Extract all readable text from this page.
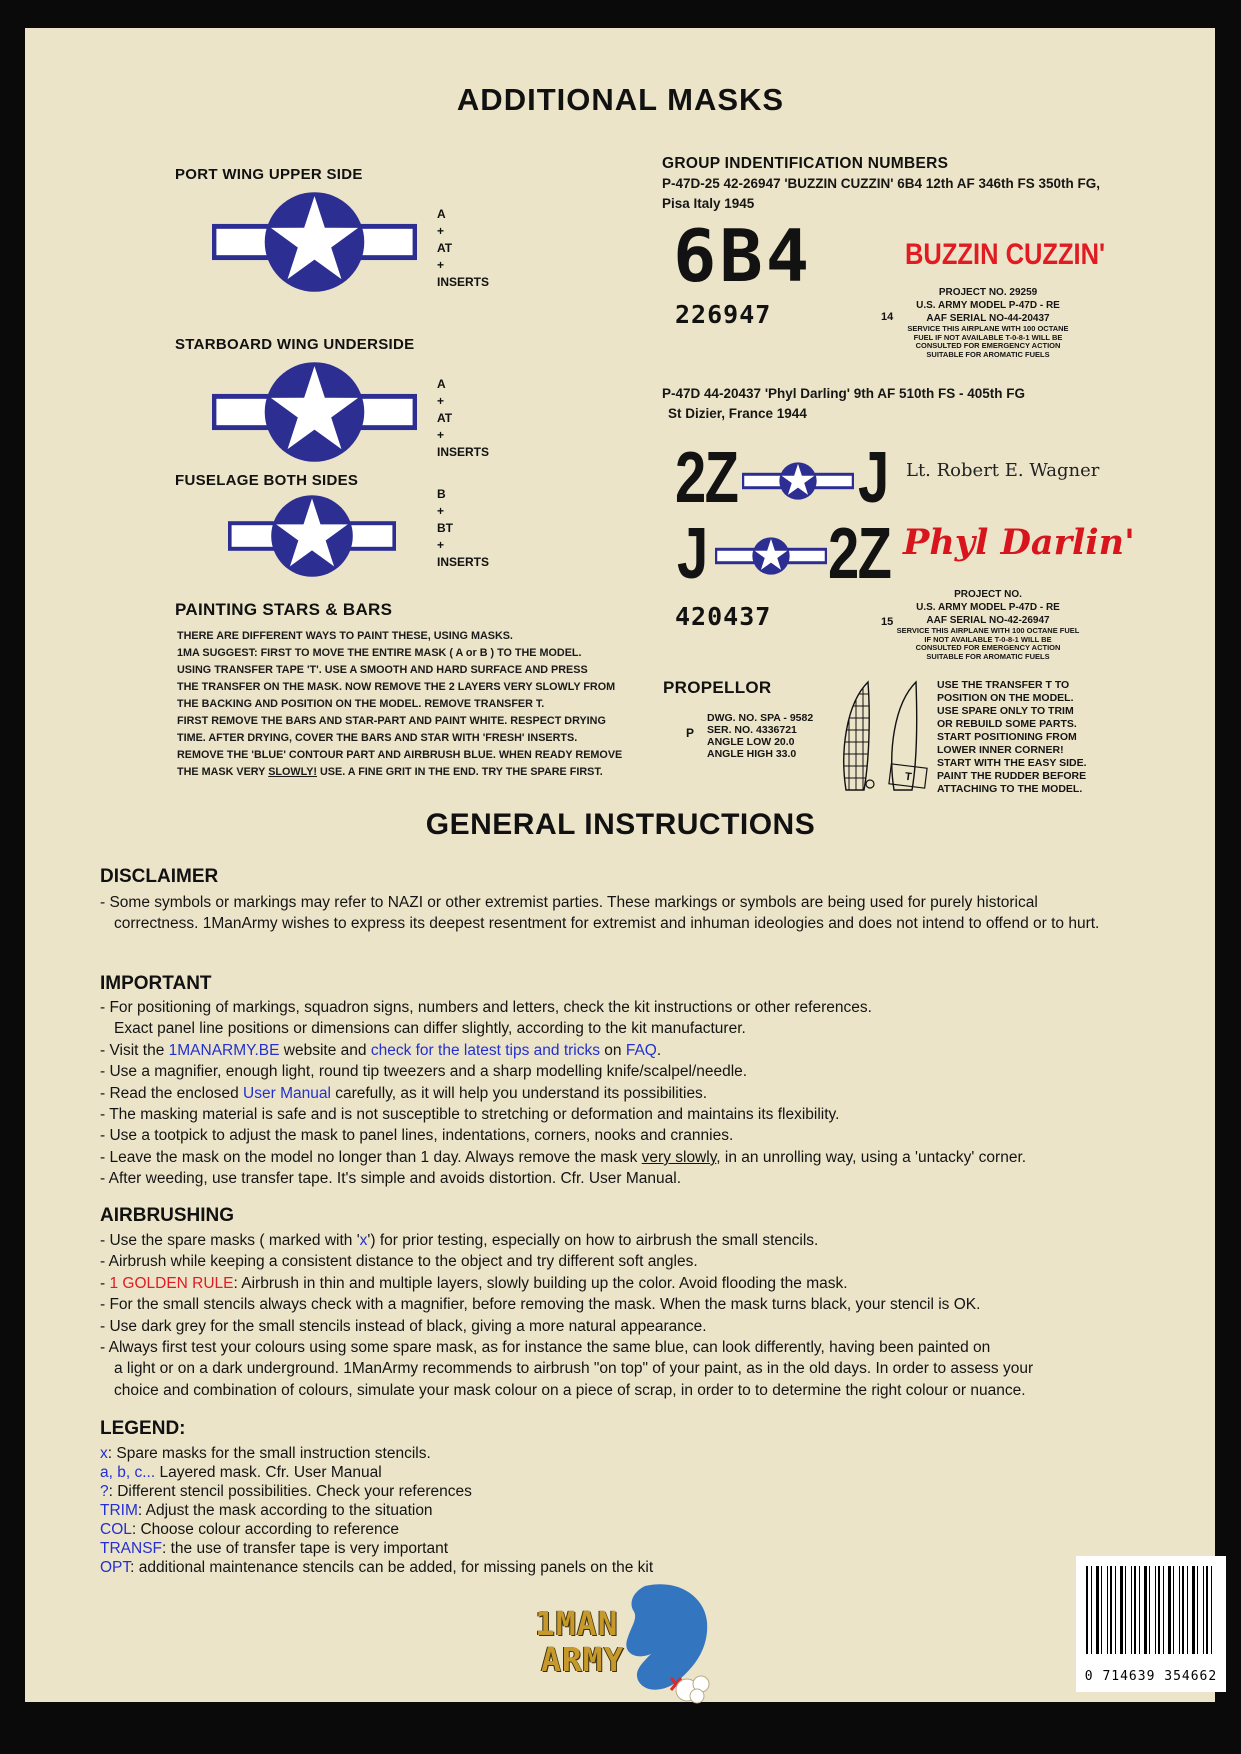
ADDITIONAL MASKS
PORT WING UPPER SIDE
A
+
AT
+
INSERTS
STARBOARD WING UNDERSIDE
A
+
AT
+
INSERTS
FUSELAGE BOTH SIDES
B
+
BT
+
INSERTS
PAINTING STARS & BARS
THERE ARE DIFFERENT WAYS TO PAINT THESE, USING MASKS.
1MA SUGGEST: FIRST TO MOVE THE ENTIRE MASK ( A or B ) TO THE MODEL.
USING TRANSFER TAPE 'T'. USE A SMOOTH AND HARD SURFACE AND PRESS
THE TRANSFER ON THE MASK. NOW REMOVE THE 2 LAYERS VERY SLOWLY FROM
THE BACKING AND POSITION ON THE MODEL. REMOVE TRANSFER T.
FIRST REMOVE THE BARS AND STAR-PART AND PAINT WHITE. RESPECT DRYING
TIME. AFTER DRYING, COVER THE BARS AND STAR WITH 'FRESH' INSERTS.
REMOVE THE 'BLUE' CONTOUR PART AND AIRBRUSH BLUE. WHEN READY REMOVE
THE MASK VERY SLOWLY! USE. A FINE GRIT IN THE END. TRY THE SPARE FIRST.
GROUP INDENTIFICATION NUMBERS
P-47D-25 42-26947 'BUZZIN CUZZIN' 6B4 12th AF 346th FS 350th FG,
Pisa Italy 1945
6B4
226947	14
BUZZIN CUZZIN'
PROJECT NO. 29259
U.S. ARMY MODEL P-47D - RE
AAF SERIAL NO-44-20437
SERVICE THIS AIRPLANE WITH 100 OCTANE
FUEL IF NOT AVAILABLE T-0-8-1 WILL BE
CONSULTED FOR EMERGENCY ACTION
SUITABLE FOR AROMATIC FUELS
P-47D 44-20437 'Phyl Darling' 9th AF 510th FS - 405th FG
St Dizier, France 1944
2Z J	Lt. Robert E. Wagner
J 2Z Phyl Darlin'
420437	15
PROJECT NO.
U.S. ARMY MODEL P-47D - RE
AAF SERIAL NO-42-26947
SERVICE THIS AIRPLANE WITH 100 OCTANE FUEL
IF NOT AVAILABLE T-0-8-1 WILL BE
CONSULTED FOR EMERGENCY ACTION
SUITABLE FOR AROMATIC FUELS
PROPELLOR
DWG. NO. SPA - 9582
SER. NO. 4336721
ANGLE LOW 20.0
ANGLE HIGH 33.0
P
T
USE THE TRANSFER T TO
POSITION ON THE MODEL.
USE SPARE ONLY TO TRIM
OR REBUILD SOME PARTS.
START POSITIONING FROM
LOWER INNER CORNER!
START WITH THE EASY SIDE.
PAINT THE RUDDER BEFORE
ATTACHING TO THE MODEL.
GENERAL INSTRUCTIONS
DISCLAIMER
- Some symbols or markings may refer to NAZI or other extremist parties. These markings or symbols are being used for purely historical correctness. 1ManArmy wishes to express its deepest resentment for extremist and inhuman ideologies and does not intend to offend or to hurt.
IMPORTANT
- For positioning of markings, squadron signs, numbers and letters, check the kit instructions or other references.
Exact panel line positions or dimensions can differ slightly, according to the kit manufacturer.
- Visit the 1MANARMY.BE website and check for the latest tips and tricks on FAQ.
- Use a magnifier, enough light, round tip tweezers and a sharp modelling knife/scalpel/needle.
- Read the enclosed User Manual carefully, as it will help you understand its possibilities.
- The masking material is safe and is not susceptible to stretching or deformation and maintains its flexibility.
- Use a tootpick to adjust the mask to panel lines, indentations, corners, nooks and crannies.
- Leave the mask on the model no longer than 1 day. Always remove the mask very slowly, in an unrolling way, using a 'untacky' corner.
- After weeding, use transfer tape. It's simple and avoids distortion. Cfr. User Manual.
AIRBRUSHING
- Use the spare masks ( marked with 'x') for prior testing, especially on how to airbrush the small stencils.
- Airbrush while keeping a consistent distance to the object and try different soft angles.
- 1 GOLDEN RULE: Airbrush in thin and multiple layers, slowly building up the color. Avoid flooding the mask.
- For the small stencils always check with a magnifier, before removing the mask. When the mask turns black, your stencil is OK.
- Use dark grey for the small stencils instead of black, giving a more natural appearance.
- Always first test your colours using some spare mask, as for instance the same blue, can look differently, having been painted on
a light or on a dark underground. 1ManArmy recommends to airbrush "on top" of your paint, as in the old days. In order to assess your
choice and combination of colours, simulate your mask colour on a piece of scrap, in order to to determine the right colour or nuance.
LEGEND:
x: Spare masks for the small instruction stencils.
a, b, c... Layered mask. Cfr. User Manual
?: Different stencil possibilities. Check your references
TRIM: Adjust the mask according to the situation
COL: Choose colour according to reference
TRANSF: the use of transfer tape is very important
OPT: additional maintenance stencils can be added, for missing panels on the kit
1MAN
ARMY	0 714639 354662
